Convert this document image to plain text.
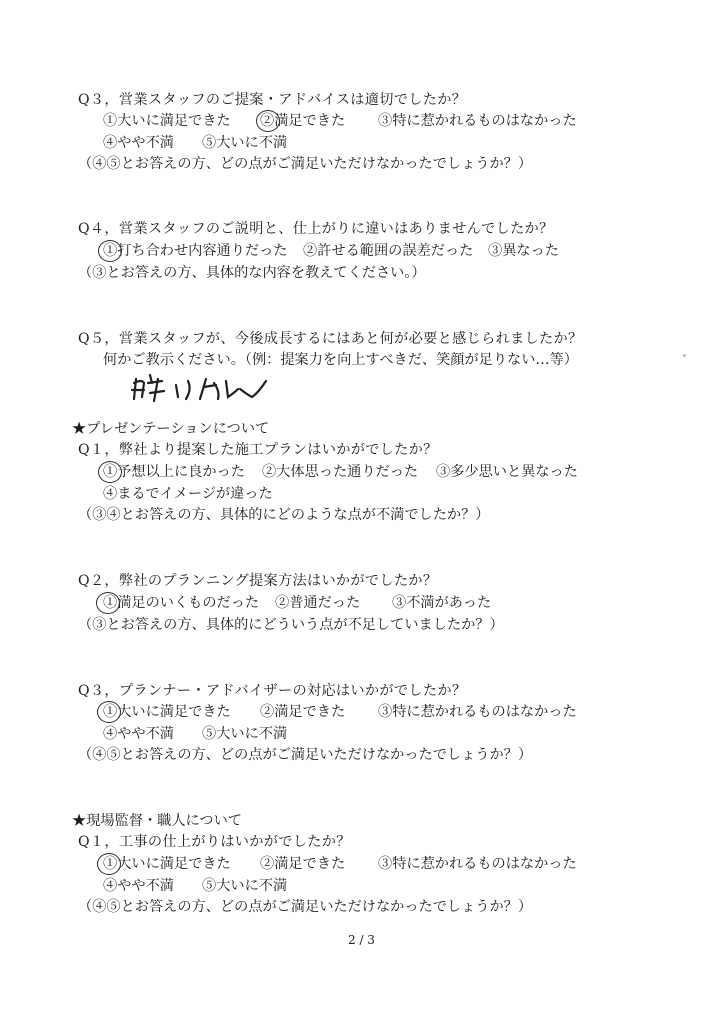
Q３，営業スタッフのご提案・アドバイスは適切でしたか？
①大いに満足できた ②満足できた ③特に惹かれるものはなかった
④やや不満 ⑤大いに不満
（④⑤とお答えの方、どの点がご満足いただけなかったでしょうか？）
Q４，営業スタッフのご説明と、仕上がりに違いはありませんでしたか？
①打ち合わせ内容通りだった ②許せる範囲の誤差だった ③異なった
（③とお答えの方、具体的な内容を教えてください。）
Q５，営業スタッフが、今後成長するにはあと何が必要と感じられましたか？
何かご教示ください。（例：提案力を向上すべきだ、笑顔が足りない…等）
★プレゼンテーションについて
Q１，弊社より提案した施工プランはいかがでしたか？
①予想以上に良かった ②大体思った通りだった ③多少思いと異なった
④まるでイメージが違った
（③④とお答えの方、具体的にどのような点が不満でしたか？）
Q２，弊社のプランニング提案方法はいかがでしたか？
①満足のいくものだった ②普通だった ③不満があった
（③とお答えの方、具体的にどういう点が不足していましたか？）
Q３，プランナー・アドバイザーの対応はいかがでしたか？
①大いに満足できた ②満足できた ③特に惹かれるものはなかった
④やや不満 ⑤大いに不満
（④⑤とお答えの方、どの点がご満足いただけなかったでしょうか？）
★現場監督・職人について
Q１，工事の仕上がりはいかがでしたか？
①大いに満足できた ②満足できた ③特に惹かれるものはなかった
④やや不満 ⑤大いに不満
（④⑤とお答えの方、どの点がご満足いただけなかったでしょうか？）
2 / 3
